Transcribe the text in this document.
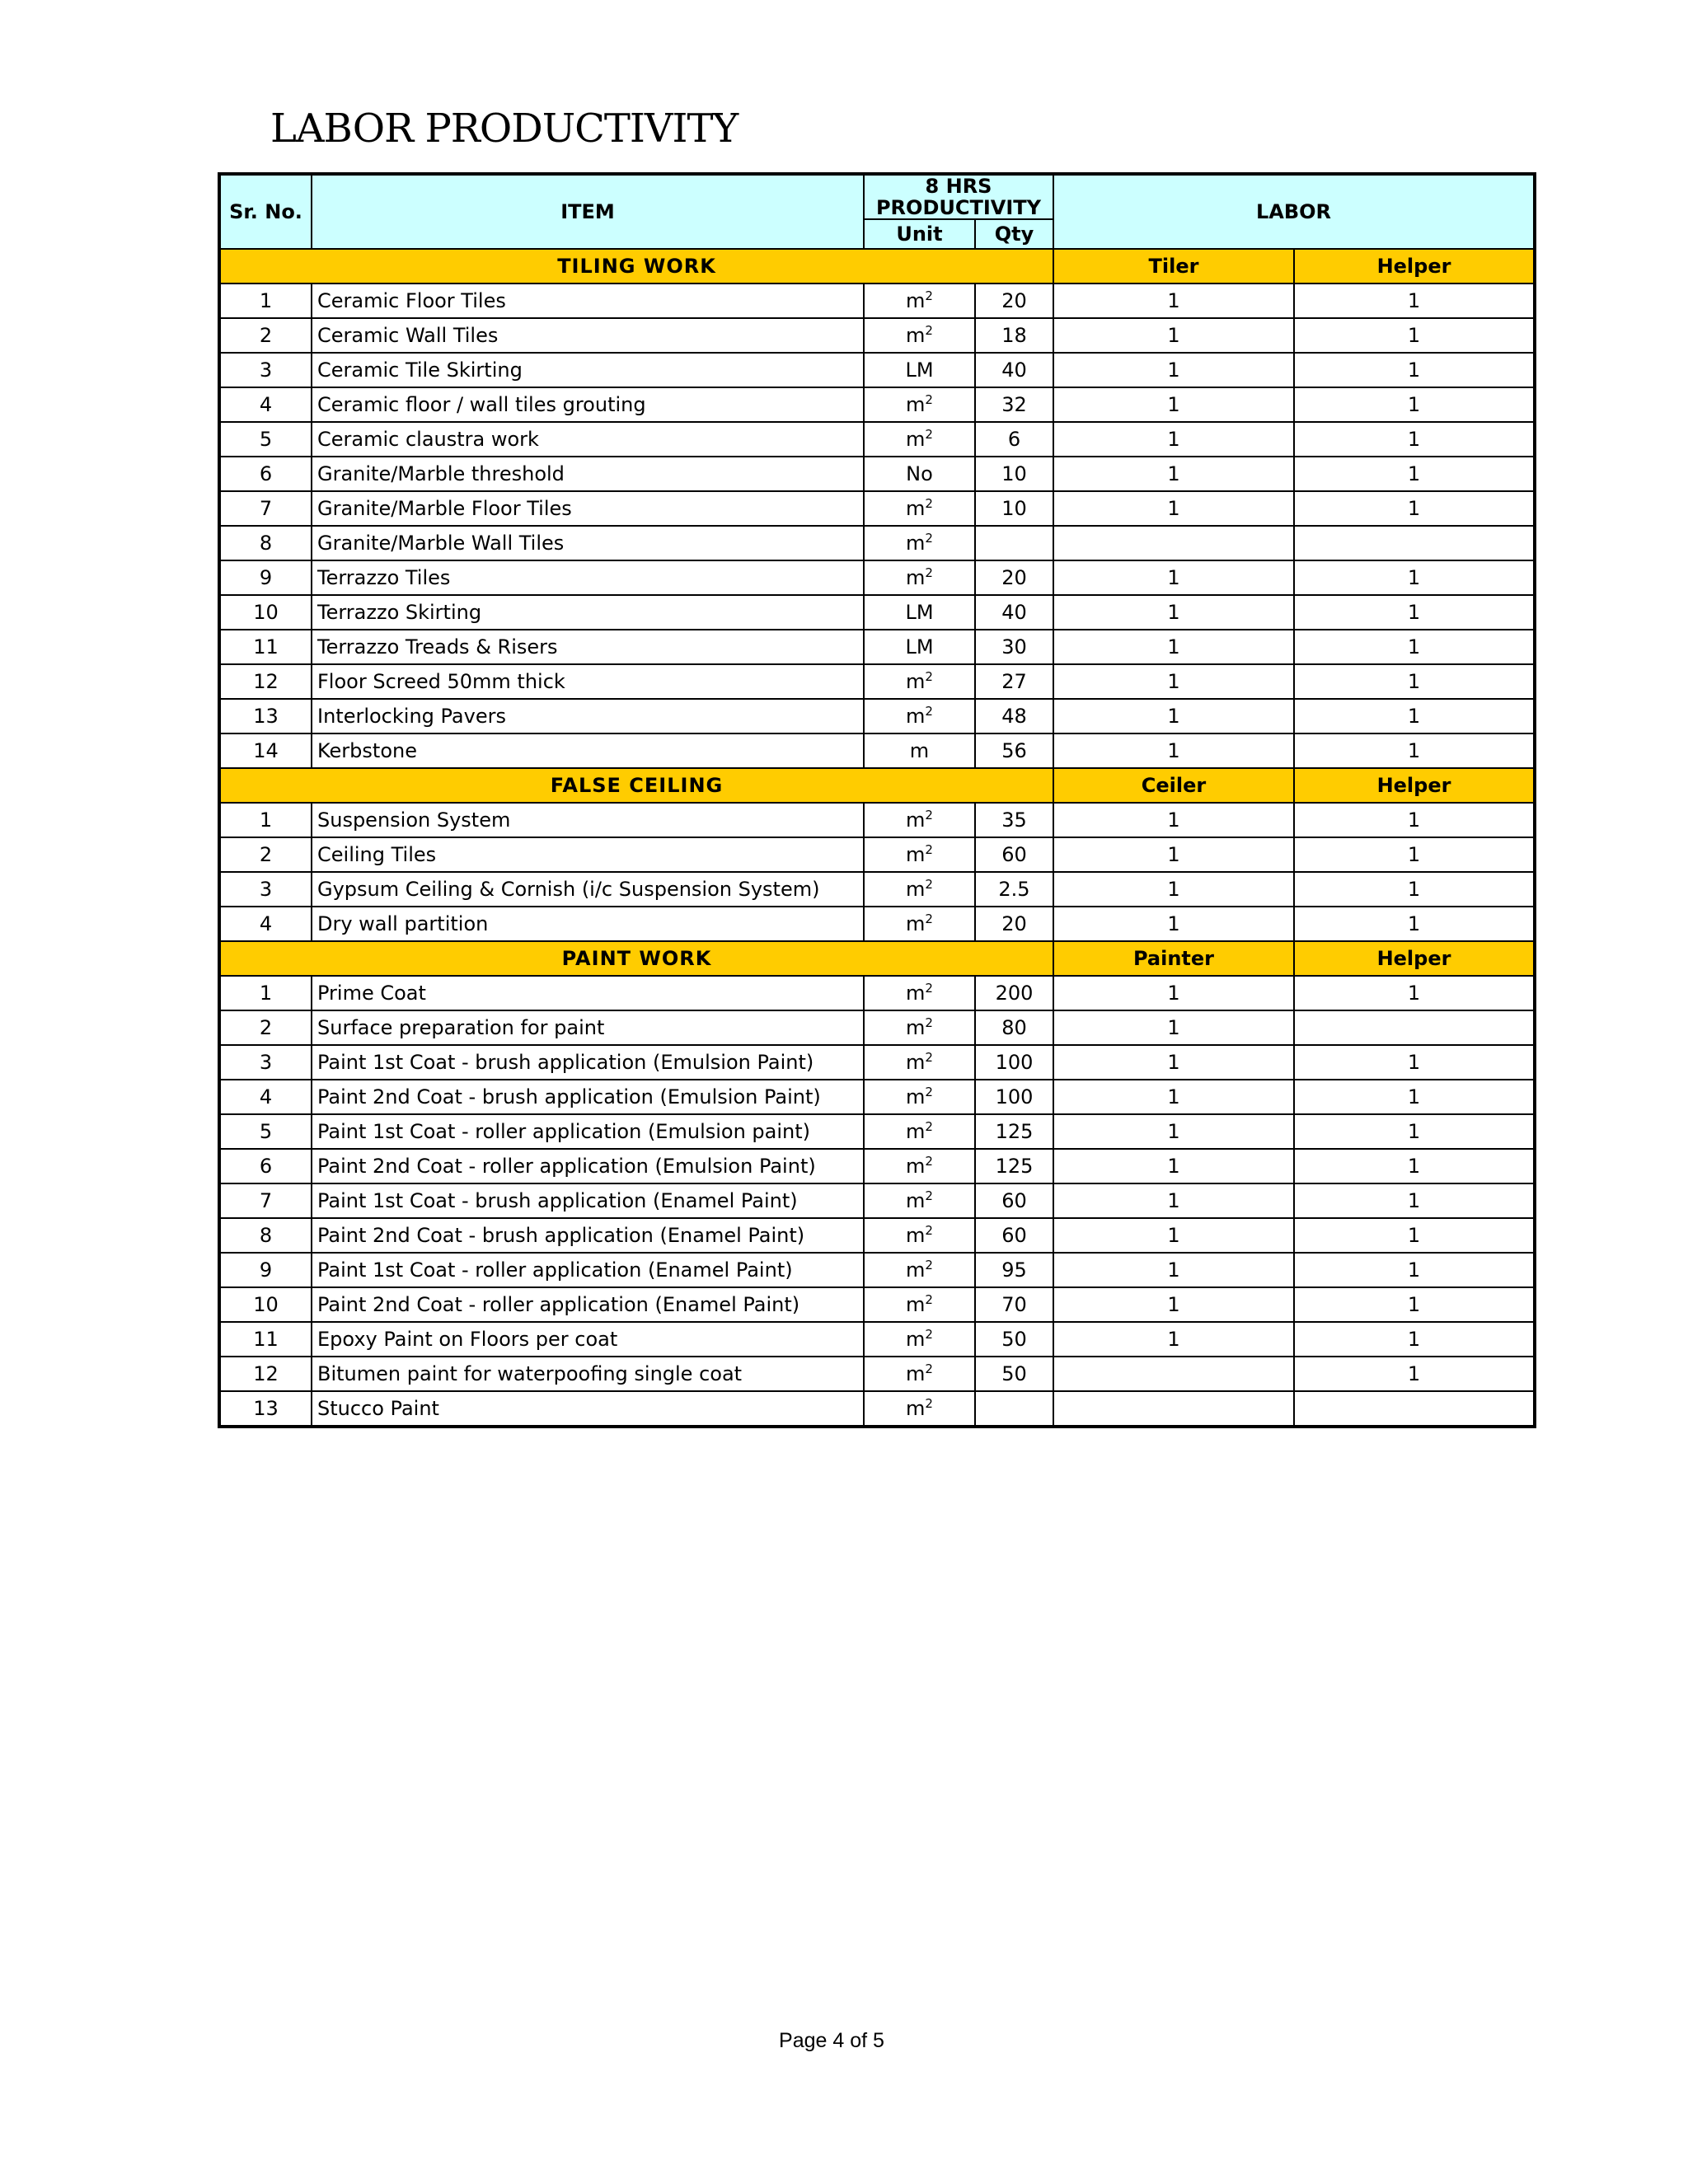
LABOR PRODUCTIVITY
Sr. No.	ITEM	8 HRS		LABOR	
		PRODUCTIVITY			
		Unit	Qty		
TILING WORK				Tiler	Helper
1	Ceramic Floor Tiles	$m^2$	20	1	1
2	Ceramic Wall Tiles	$m^2$	18	1	1
3	Ceramic Tile Skirting	LM	40	1	1
4	Ceramic floor / wall tiles grouting	$m^2$	32	1	1
5	Ceramic claustra work	$m^2$	6	1	1
6	Granite/Marble threshold	No	10	1	1
7	Granite/Marble Floor Tiles	$m^2$	10	1	1
8	Granite/Marble Wall Tiles	$m^2$			
9	Terrazzo Tiles	$m^2$	20	1	1
10	Terrazzo Skirting	LM	40	1	1
11	Terrazzo Treads & Risers	LM	30	1	1
12	Floor Screed 50mm thick	$m^2$	27	1	1
13	Interlocking Pavers	$m^2$	48	1	1
14	Kerbstone	m	56	1	1
FALSE CEILING				Ceiler	Helper
1	Suspension System	$m^2$	35	1	1
2	Ceiling Tiles	$m^2$	60	1	1
3	Gypsum Ceiling & Cornish (i/c Suspension System)	$m^2$	2.5	1	1
4	Dry wall partition	$m^2$	20	1	1
PAINT WORK				Painter	Helper
1	Prime Coat	$m^2$	200	1	1
2	Surface preparation for paint	$m^2$	80	1	
3	Paint 1st Coat - brush application (Emulsion Paint)	$m^2$	100	1	1
4	Paint 2nd Coat - brush application (Emulsion Paint)	$m^2$	100	1	1
5	Paint 1st Coat - roller application (Emulsion paint)	$m^2$	125	1	1
6	Paint 2nd Coat - roller application (Emulsion Paint)	$m^2$	125	1	1
7	Paint 1st Coat - brush application (Enamel Paint)	$m^2$	60	1	1
8	Paint 2nd Coat - brush application (Enamel Paint)	$m^2$	60	1	1
9	Paint 1st Coat - roller application (Enamel Paint)	$m^2$	95	1	1
10	Paint 2nd Coat - roller application (Enamel Paint)	$m^2$	70	1	1
11	Epoxy Paint on Floors per coat	$m^2$	50	1	1
12	Bitumen paint for waterpoofing single coat	$m^2$	50		1
13	Stucco Paint	$m^2$			
Page 4 of 5
